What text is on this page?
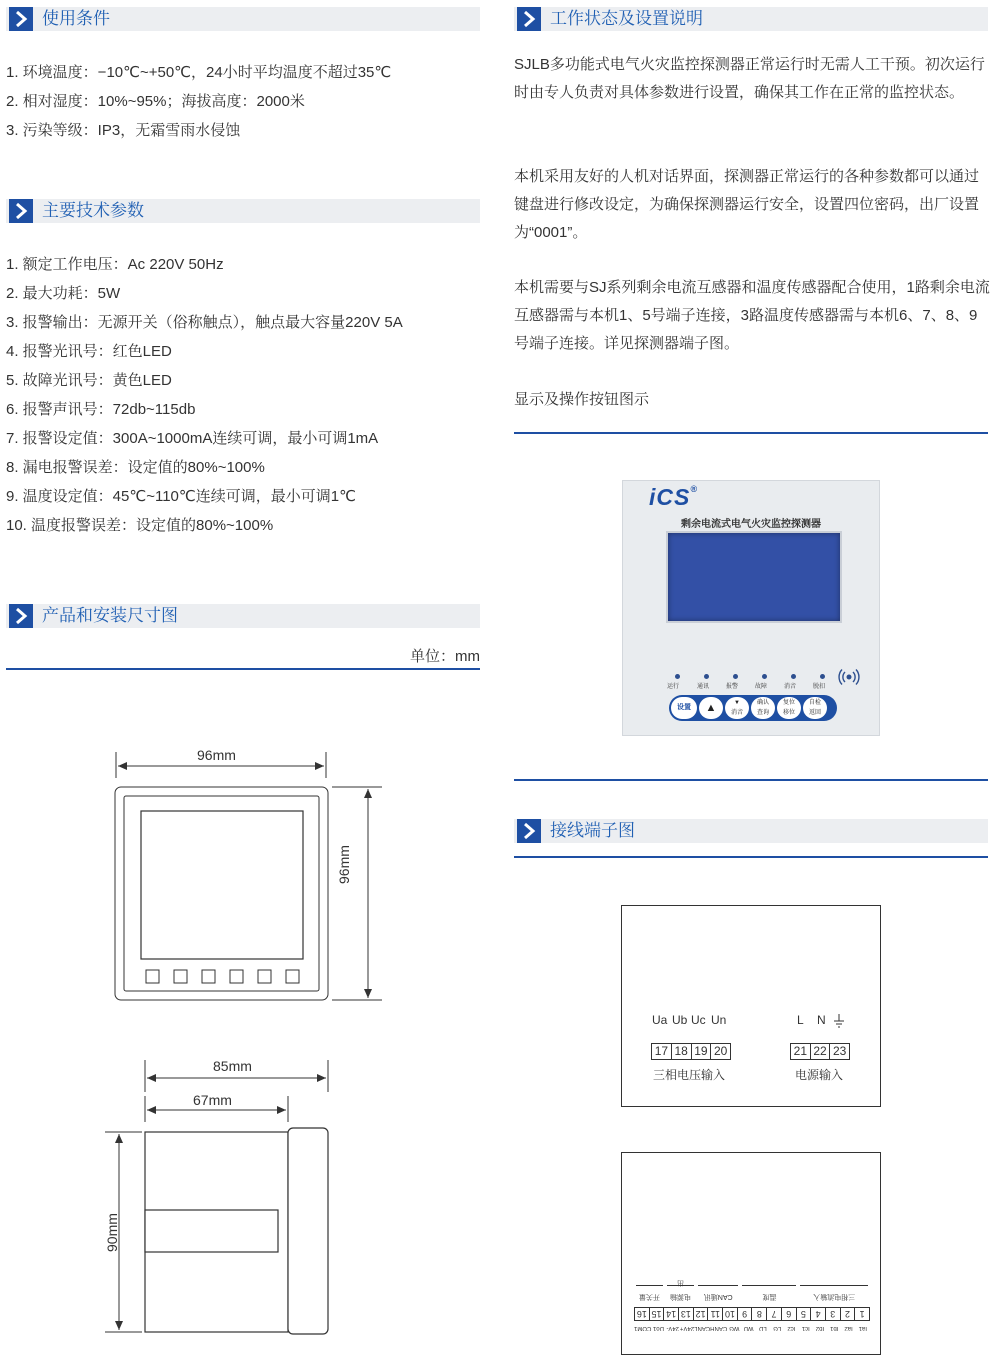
使用条件
1. 环境温度：−10℃~+50℃，24小时平均温度不超过35℃
2. 相对湿度：10%~95%；海拔高度：2000米
3. 污染等级：IP3，无霜雪雨水侵蚀
主要技术参数
1. 额定工作电压：Ac 220V 50Hz
2. 最大功耗：5W
3. 报警输出：无源开关（俗称触点），触点最大容量220V 5A
4. 报警光讯号：红色LED
5. 故障光讯号：黄色LED
6. 报警声讯号：72db~115db
7. 报警设定值：300A~1000mA连续可调，最小可调1mA
8. 漏电报警误差：设定值的80%~100%
9. 温度设定值：45℃~110℃连续可调，最小可调1℃
10. 温度报警误差：设定值的80%~100%
产品和安装尺寸图
单位：mm
96mm
96mm
85mm
67mm
90mm
工作状态及设置说明

SJLB多功能式电气火灾监控探测器正常运行时无需人工干预。初次运行时由专人负责对具体参数进行设置，确保其工作在正常的监控状态。

本机采用友好的人机对话界面，探测器正常运行的各种参数都可以通过键盘进行修改设定，为确保探测器运行安全，设置四位密码，出厂设置为“0001”。

本机需要与SJ系列剩余电流互感器和温度传感器配合使用，1路剩余电流互感器需与本机1、5号端子连接，3路温度传感器需与本机6、7、8、9号端子连接。详见探测器端子图。

显示及操作按钮图示

iCS®
剩余电流式电气火灾监控探测器
运行	通讯	报警	故障	消音	脱扣
设置	▲	▼
消音
确认
查询
复位
移位
自检
返回
接线端子图
Ua Ub Uc Un
17 18 19 20
三相电压输入
L N
21 22 23
电源输入
Ia1
Ia2
Ib1
Ib2
Ic1
Ic2
LG
LD
WD
WG
CANH
CANL
24V+
24V-
Do1
COM1
1
2
3
4
5
6
7
8
9
10
11
12
13
14
15
16
三相电流输入
温度
CAN通讯
电源输出
开关量
